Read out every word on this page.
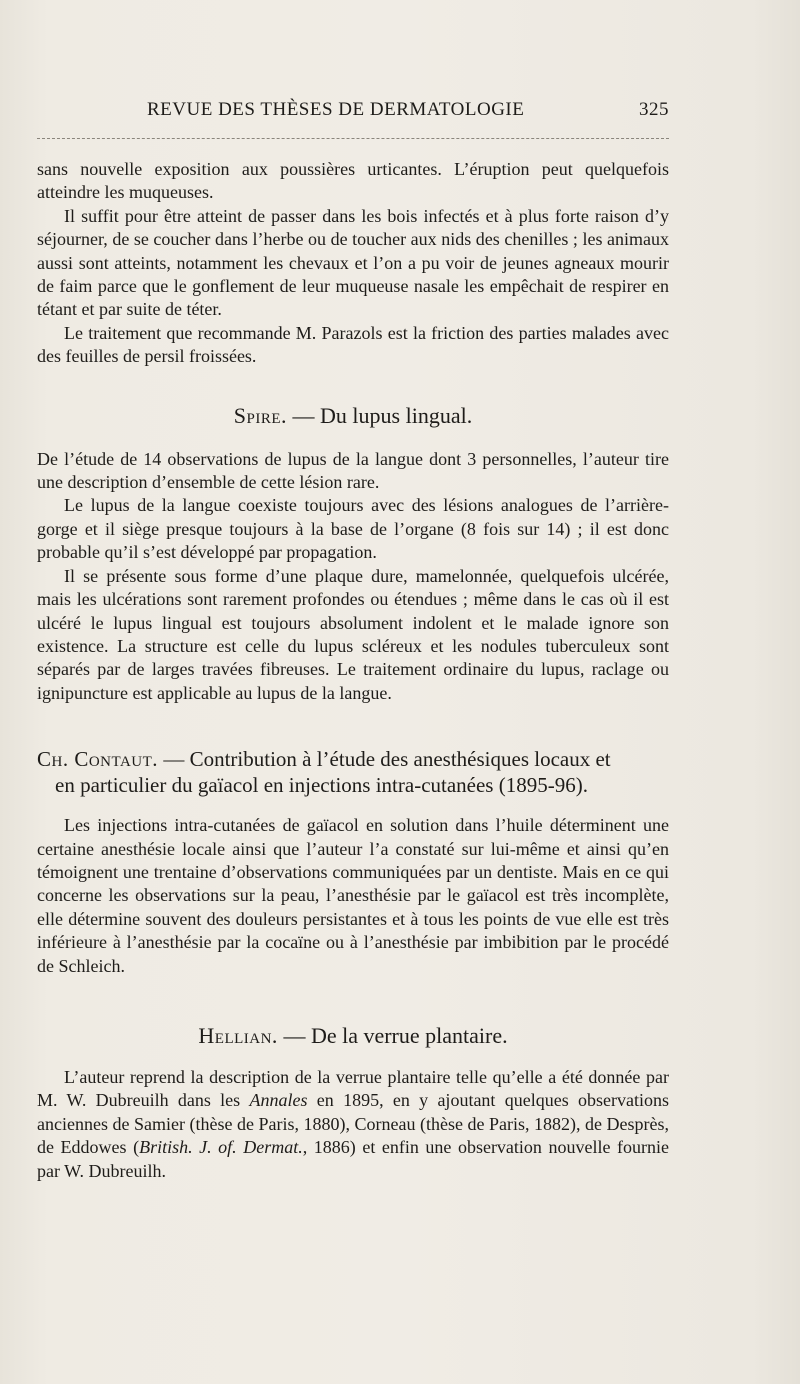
REVUE DES THÈSES DE DERMATOLOGIE	325

sans nouvelle exposition aux poussières urticantes. L’éruption peut quelquefois atteindre les muqueuses.

Il suffit pour être atteint de passer dans les bois infectés et à plus forte raison d’y séjourner, de se coucher dans l’herbe ou de toucher aux nids des chenilles ; les animaux aussi sont atteints, notamment les chevaux et l’on a pu voir de jeunes agneaux mourir de faim parce que le gonflement de leur muqueuse nasale les empêchait de respirer en tétant et par suite de téter.

Le traitement que recommande M. Parazols est la friction des parties malades avec des feuilles de persil froissées.

Spire. — Du lupus lingual.

De l’étude de 14 observations de lupus de la langue dont 3 personnelles, l’auteur tire une description d’ensemble de cette lésion rare.

Le lupus de la langue coexiste toujours avec des lésions analogues de l’arrière-gorge et il siège presque toujours à la base de l’organe (8 fois sur 14) ; il est donc probable qu’il s’est développé par propagation.

Il se présente sous forme d’une plaque dure, mamelonnée, quelquefois ulcérée, mais les ulcérations sont rarement profondes ou étendues ; même dans le cas où il est ulcéré le lupus lingual est toujours absolument indolent et le malade ignore son existence. La structure est celle du lupus scléreux et les nodules tuberculeux sont séparés par de larges travées fibreuses. Le traitement ordinaire du lupus, raclage ou ignipuncture est applicable au lupus de la langue.

Ch. Contaut. — Contribution à l’étude des anesthésiques locaux et
en particulier du gaïacol en injections intra-cutanées (1895-96).

Les injections intra-cutanées de gaïacol en solution dans l’huile déterminent une certaine anesthésie locale ainsi que l’auteur l’a constaté sur lui-même et ainsi qu’en témoignent une trentaine d’observations communiquées par un dentiste. Mais en ce qui concerne les observations sur la peau, l’anesthésie par le gaïacol est très incomplète, elle détermine souvent des douleurs persistantes et à tous les points de vue elle est très inférieure à l’anesthésie par la cocaïne ou à l’anesthésie par imbibition par le procédé de Schleich.

Hellian. — De la verrue plantaire.

L’auteur reprend la description de la verrue plantaire telle qu’elle a été donnée par M. W. Dubreuilh dans les Annales en 1895, en y ajoutant quelques observations anciennes de Samier (thèse de Paris, 1880), Corneau (thèse de Paris, 1882), de Desprès, de Eddowes (British. J. of. Dermat., 1886) et enfin une observation nouvelle fournie par W. Dubreuilh.
